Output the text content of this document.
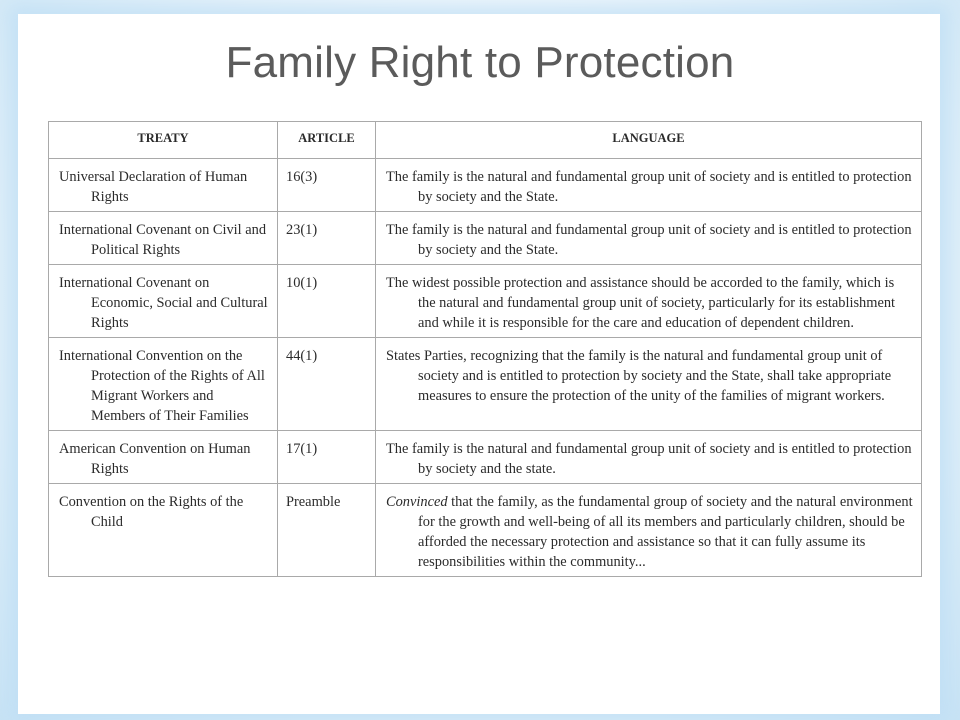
Family Right to Protection
TREATY	ARTICLE	LANGUAGE
Universal Declaration of Human Rights	16(3)	The family is the natural and fundamental group unit of society and is entitled to protection by society and the State.
International Covenant on Civil and Political Rights	23(1)	The family is the natural and fundamental group unit of society and is entitled to protection by society and the State.
International Covenant on Economic, Social and Cultural Rights	10(1)	The widest possible protection and assistance should be accorded to the family, which is the natural and fundamental group unit of society, particularly for its establishment and while it is responsible for the care and education of dependent children.
International Convention on the Protection of the Rights of All Migrant Workers and Members of Their Families	44(1)	States Parties, recognizing that the family is the natural and fundamental group unit of society and is entitled to protection by society and the State, shall take appropriate measures to ensure the protection of the unity of the families of migrant workers.
American Convention on Human Rights	17(1)	The family is the natural and fundamental group unit of society and is entitled to protection by society and the state.
Convention on the Rights of the Child	Preamble	Convinced that the family, as the fundamental group of society and the natural environment for the growth and well-being of all its members and particularly children, should be afforded the necessary protection and assistance so that it can fully assume its responsibilities within the community...
